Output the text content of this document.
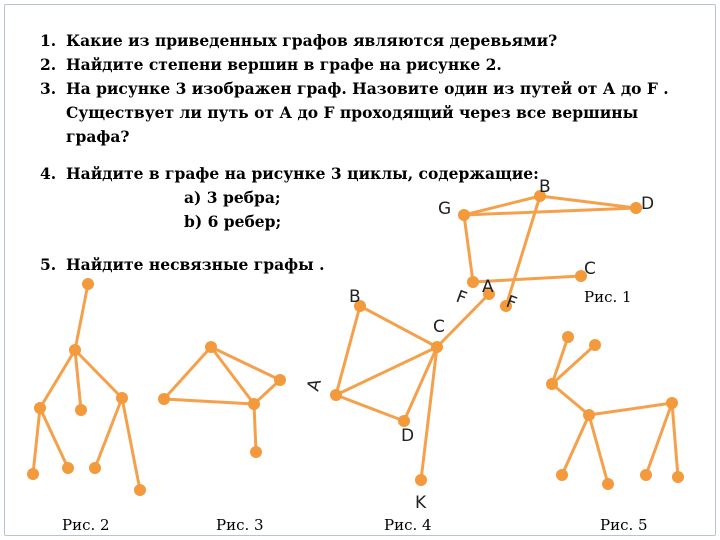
1. Какие из приведенных графов являются деревьями?
2. Найдите степени вершин в графе на рисунке 2.
3. На рисунке 3 изображен граф. Назовите один из путей от А до F .
Существует ли путь от А до F проходящий через все вершины
графа?
4. Найдите в графе на рисунке 3 циклы, содержащие:
a) 3 ребра;
b) 6 ребер;
5. Найдите несвязные графы .
B
G	D
C
A
F
B	F
C
A
D
K
Рис. 2	Рис. 3	Рис. 4	Рис. 5
Рис. 1
